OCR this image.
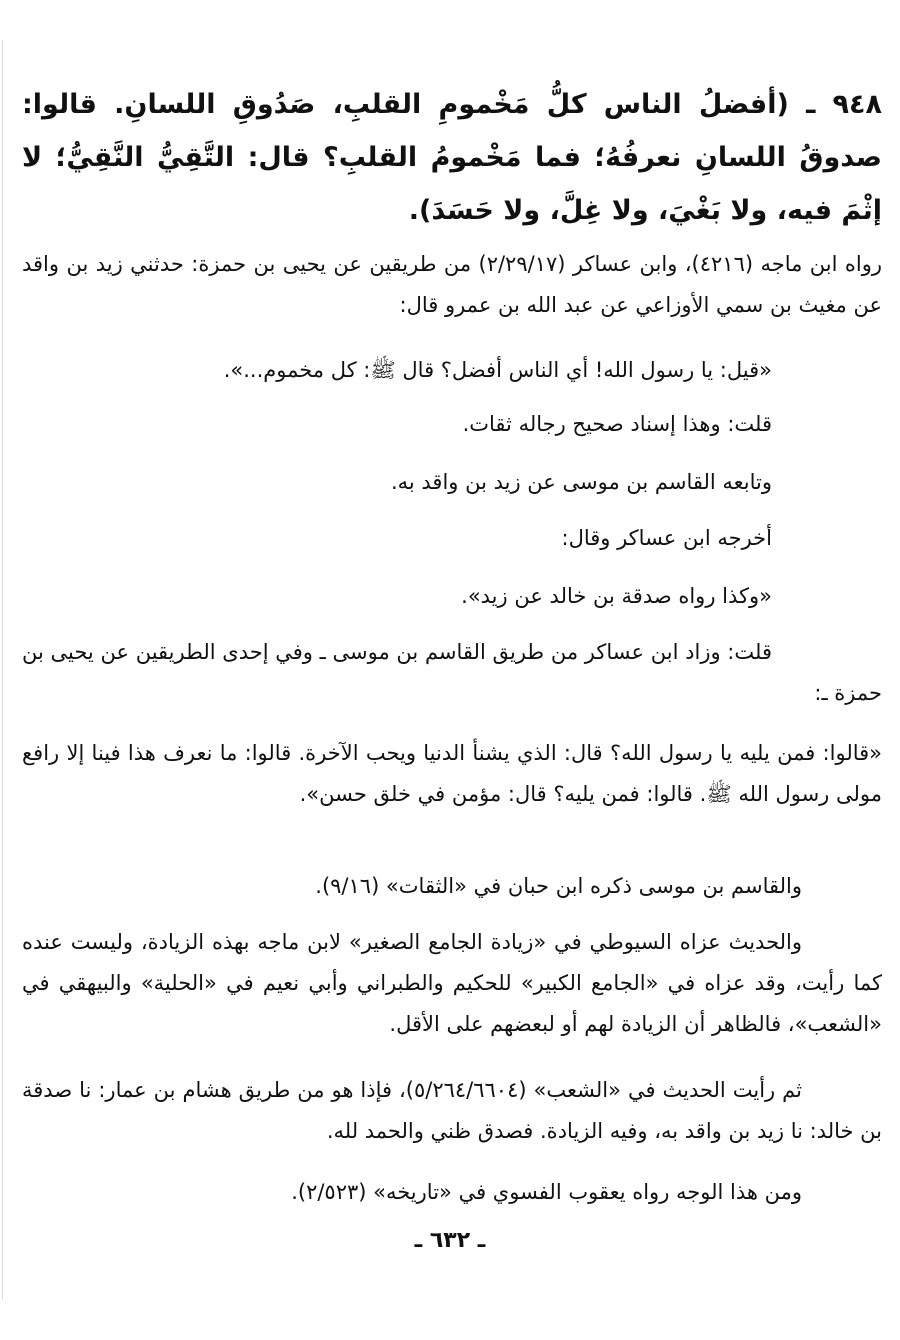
٩٤٨ ـ (أفضلُ الناس كلُّ مَخْمومِ القلبِ، صَدُوقِ اللسانِ. قالوا: صدوقُ اللسانِ نعرفُهُ؛ فما مَخْمومُ القلبِ؟ قال: التَّقِيُّ النَّقِيُّ؛ لا إثْمَ فيه، ولا بَغْيَ، ولا غِلَّ، ولا حَسَدَ).
رواه ابن ماجه (٤٢١٦)، وابن عساكر (٢/٢٩/١٧) من طريقين عن يحيى بن حمزة: حدثني زيد بن واقد عن مغيث بن سمي الأوزاعي عن عبد الله بن عمرو قال:
«قيل: يا رسول الله! أي الناس أفضل؟ قال ﷺ: كل مخموم...».
قلت: وهذا إسناد صحيح رجاله ثقات.
وتابعه القاسم بن موسى عن زيد بن واقد به.
أخرجه ابن عساكر وقال:
«وكذا رواه صدقة بن خالد عن زيد».
قلت: وزاد ابن عساكر من طريق القاسم بن موسى ـ وفي إحدى الطريقين عن يحيى بن حمزة ـ:
«قالوا: فمن يليه يا رسول الله؟ قال: الذي يشنأ الدنيا ويحب الآخرة. قالوا: ما نعرف هذا فينا إلا رافع مولى رسول الله ﷺ. قالوا: فمن يليه؟ قال: مؤمن في خلق حسن».
والقاسم بن موسى ذكره ابن حبان في «الثقات» (٩/١٦).
والحديث عزاه السيوطي في «زيادة الجامع الصغير» لابن ماجه بهذه الزيادة، وليست عنده كما رأيت، وقد عزاه في «الجامع الكبير» للحكيم والطبراني وأبي نعيم في «الحلية» والبيهقي في «الشعب»، فالظاهر أن الزيادة لهم أو لبعضهم على الأقل.
ثم رأيت الحديث في «الشعب» (٥/٢٦٤/٦٦٠٤)، فإذا هو من طريق هشام بن عمار: نا صدقة بن خالد: نا زيد بن واقد به، وفيه الزيادة. فصدق ظني والحمد لله.
ومن هذا الوجه رواه يعقوب الفسوي في «تاريخه» (٢/٥٢٣).
ـ ٦٣٢ ـ
